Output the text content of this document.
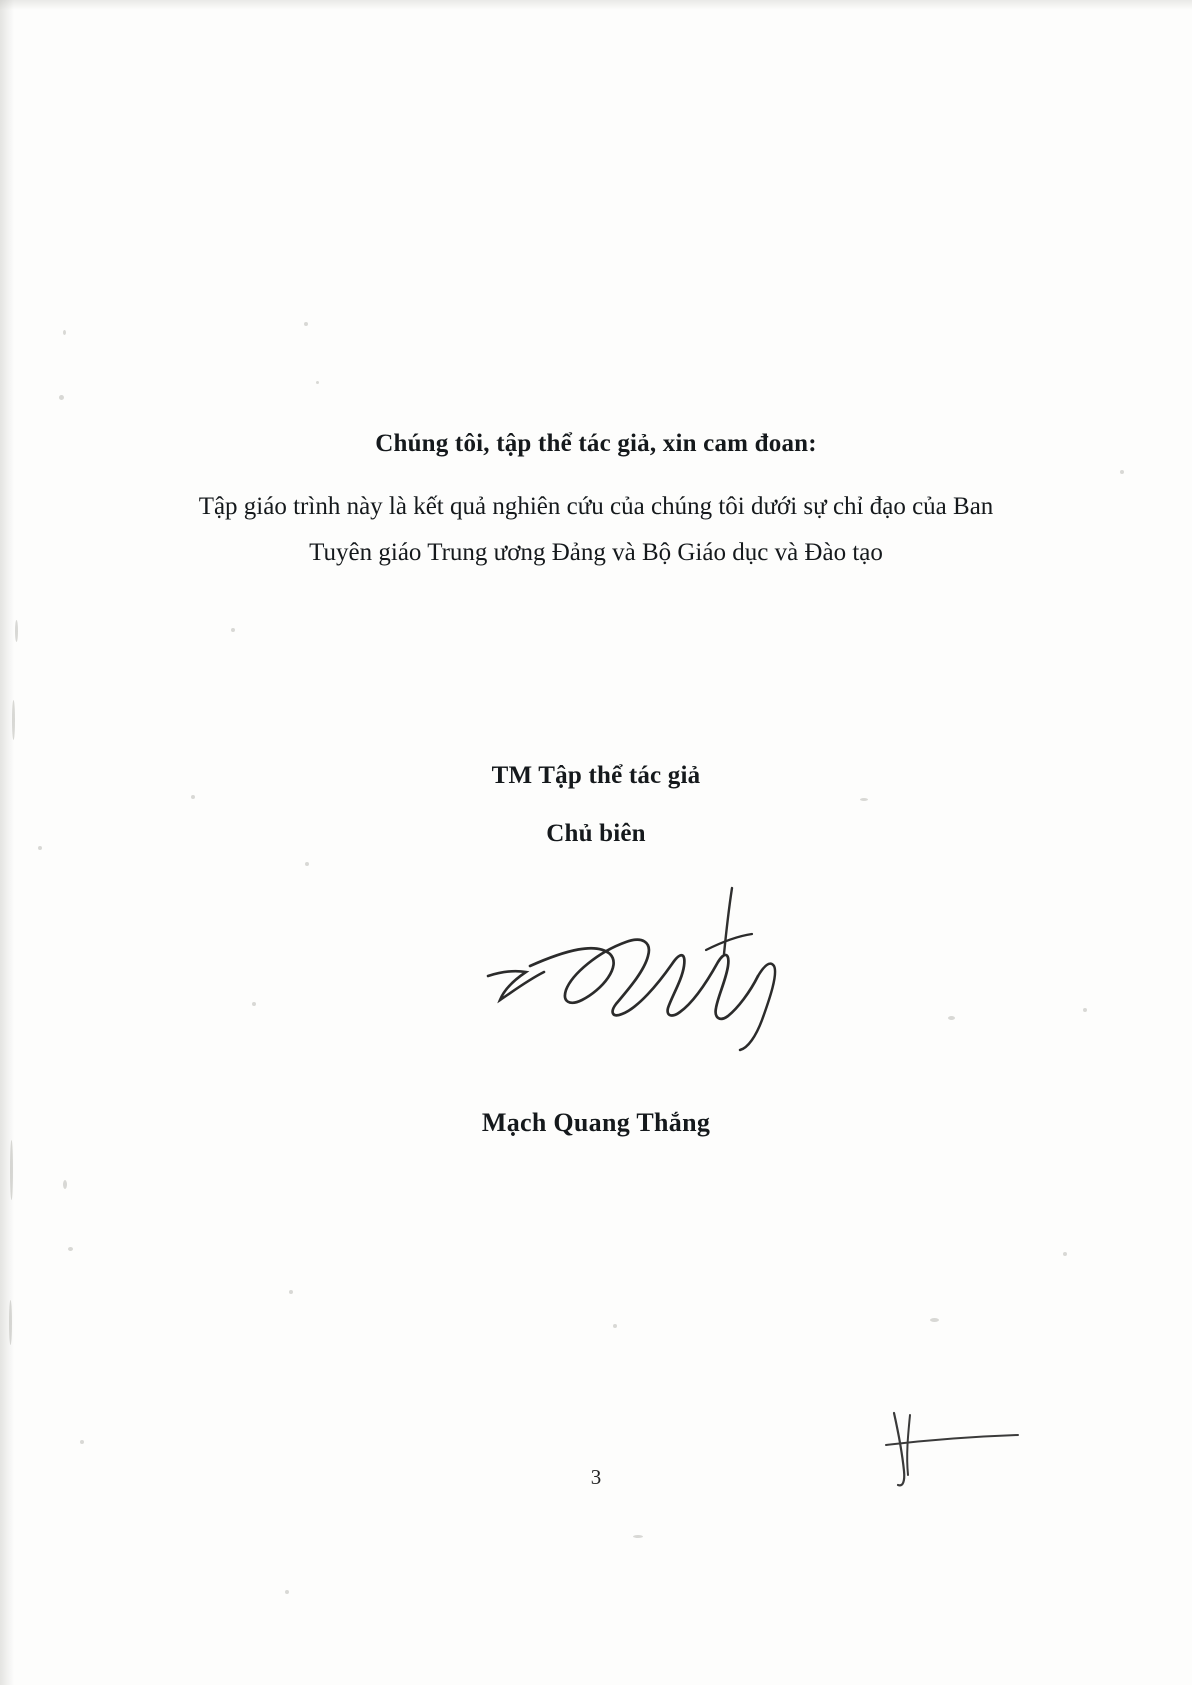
Chúng tôi, tập thể tác giả, xin cam đoan:
Tập giáo trình này là kết quả nghiên cứu của chúng tôi dưới sự chỉ đạo của Ban Tuyên giáo Trung ương Đảng và Bộ Giáo dục và Đào tạo
TM Tập thể tác giả
Chủ biên
Mạch Quang Thắng
3
